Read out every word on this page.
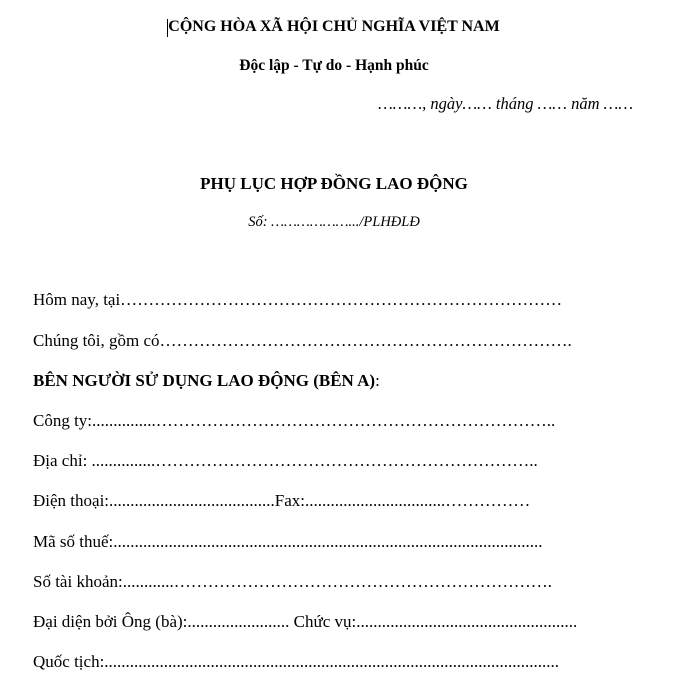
CỘNG HÒA XÃ HỘI CHỦ NGHĨA VIỆT NAM
Độc lập - Tự do - Hạnh phúc
………, ngày…… tháng …… năm ……
PHỤ LỤC HỢP ĐỒNG LAO ĐỘNG
Số: ……………….../PLHĐLĐ
Hôm nay, tại……………………………………………………………………
Chúng tôi, gồm có……………………………………………………………….
BÊN NGƯỜI SỬ DỤNG LAO ĐỘNG (BÊN A):
Công ty:...............……………………………………………………………..
Địa chỉ: ...............…………………………………………………………..
Điện thoại:.......................................Fax:.................................……………
Mã số thuế:.....................................................................................................
Số tài khoản:............………………………………………………………….
Đại diện bởi Ông (bà):........................ Chức vụ:....................................................
Quốc tịch:...........................................................................................................
